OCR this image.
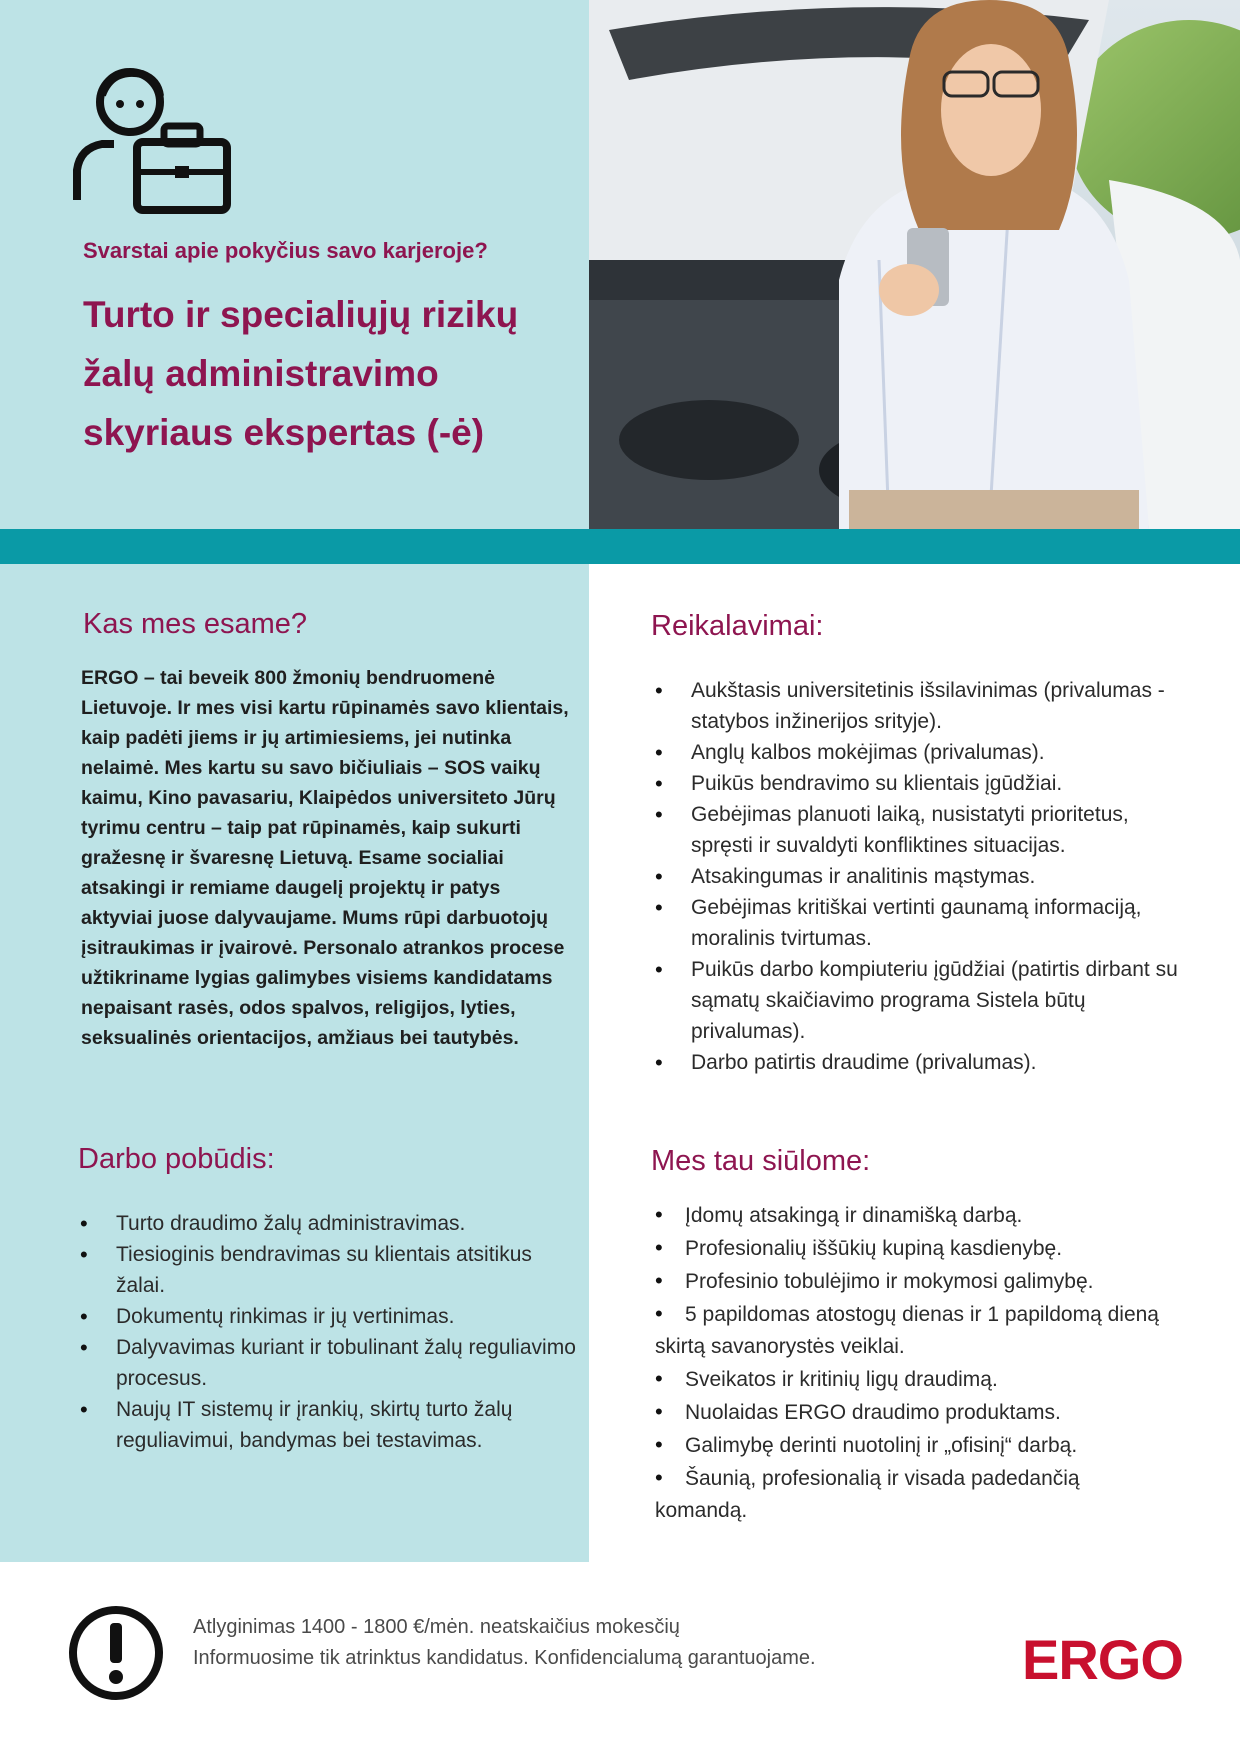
Svarstai apie pokyčius savo karjeroje?
Turto ir specialiųjų rizikų žalų administravimo skyriaus ekspertas (-ė)
Kas mes esame?
ERGO – tai beveik 800 žmonių bendruomenė Lietuvoje. Ir mes visi kartu rūpinamės savo klientais, kaip padėti jiems ir jų artimiesiems, jei nutinka nelaimė. Mes kartu su savo bičiuliais – SOS vaikų kaimu, Kino pavasariu, Klaipėdos universiteto Jūrų tyrimu centru – taip pat rūpinamės, kaip sukurti gražesnę ir švaresnę Lietuvą. Esame socialiai atsakingi ir remiame daugelį projektų ir patys aktyviai juose dalyvaujame. Mums rūpi darbuotojų įsitraukimas ir įvairovė. Personalo atrankos procese užtikriname lygias galimybes visiems kandidatams nepaisant rasės, odos spalvos, religijos, lyties, seksualinės orientacijos, amžiaus bei tautybės.
Darbo pobūdis:
• Turto draudimo žalų administravimas.
• Tiesioginis bendravimas su klientais atsitikus žalai.
• Dokumentų rinkimas ir jų vertinimas.
• Dalyvavimas kuriant ir tobulinant žalų reguliavimo procesus.
• Naujų IT sistemų ir įrankių, skirtų turto žalų reguliavimui, bandymas bei testavimas.
Reikalavimai:
• Aukštasis universitetinis išsilavinimas (privalumas - statybos inžinerijos srityje).
• Anglų kalbos mokėjimas (privalumas).
• Puikūs bendravimo su klientais įgūdžiai.
• Gebėjimas planuoti laiką, nusistatyti prioritetus, spręsti ir suvaldyti konfliktines situacijas.
• Atsakingumas ir analitinis mąstymas.
• Gebėjimas kritiškai vertinti gaunamą informaciją, moralinis tvirtumas.
• Puikūs darbo kompiuteriu įgūdžiai (patirtis dirbant su sąmatų skaičiavimo programa Sistela būtų privalumas).
• Darbo patirtis draudime (privalumas).
Mes tau siūlome:
• Įdomų atsakingą ir dinamišką darbą.
• Profesionalių iššūkių kupiną kasdienybę.
• Profesinio tobulėjimo ir mokymosi galimybę.
• 5 papildomas atostogų dienas ir 1 papildomą dieną skirtą savanorystės veiklai.
• Sveikatos ir kritinių ligų draudimą.
• Nuolaidas ERGO draudimo produktams.
• Galimybę derinti nuotolinį ir „ofisinį“ darbą.
• Šaunią, profesionalią ir visada padedančią komandą.
Atlyginimas 1400 - 1800 €/mėn. neatskaičius mokesčių
Informuosime tik atrinktus kandidatus. Konfidencialumą garantuojame.	ERGO
